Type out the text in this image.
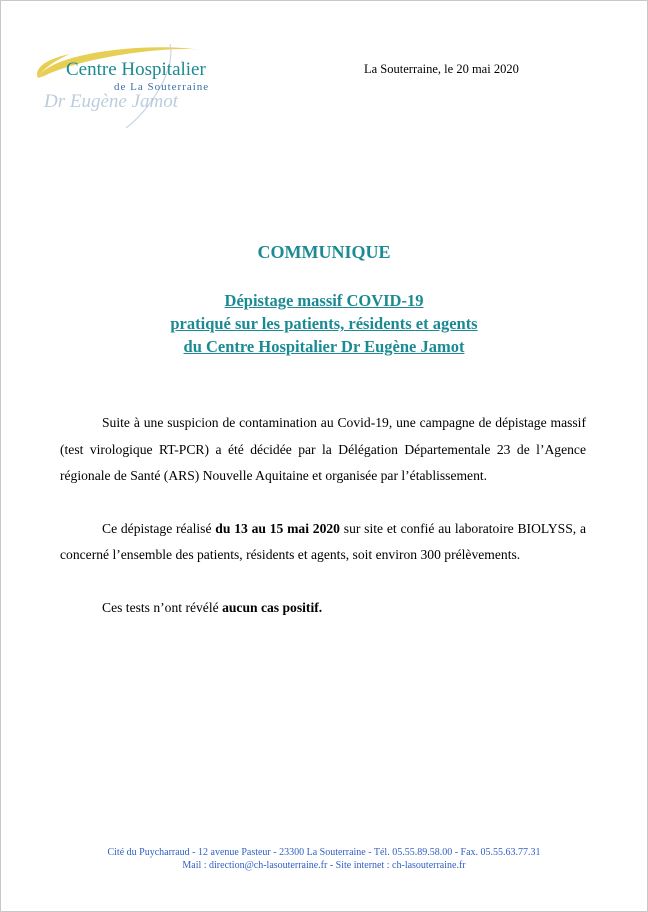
Centre Hospitalier
de La Souterraine
Dr Eugène Jamot
La Souterraine, le 20 mai 2020
COMMUNIQUE
Dépistage massif COVID-19
pratiqué sur les patients, résidents et agents
du Centre Hospitalier Dr Eugène Jamot

Suite à une suspicion de contamination au Covid-19, une campagne de dépistage massif (test virologique RT-PCR) a été décidée par la Délégation Départementale 23 de l’Agence régionale de Santé (ARS) Nouvelle Aquitaine et organisée par l’établissement.

Ce dépistage réalisé du 13 au 15 mai 2020 sur site et confié au laboratoire BIOLYSS, a concerné l’ensemble des patients, résidents et agents, soit environ 300 prélèvements.

Ces tests n’ont révélé aucun cas positif.

Cité du Puycharraud - 12 avenue Pasteur - 23300 La Souterraine - Tél. 05.55.89.58.00 - Fax. 05.55.63.77.31
Mail : direction@ch-lasouterraine.fr - Site internet : ch-lasouterraine.fr
